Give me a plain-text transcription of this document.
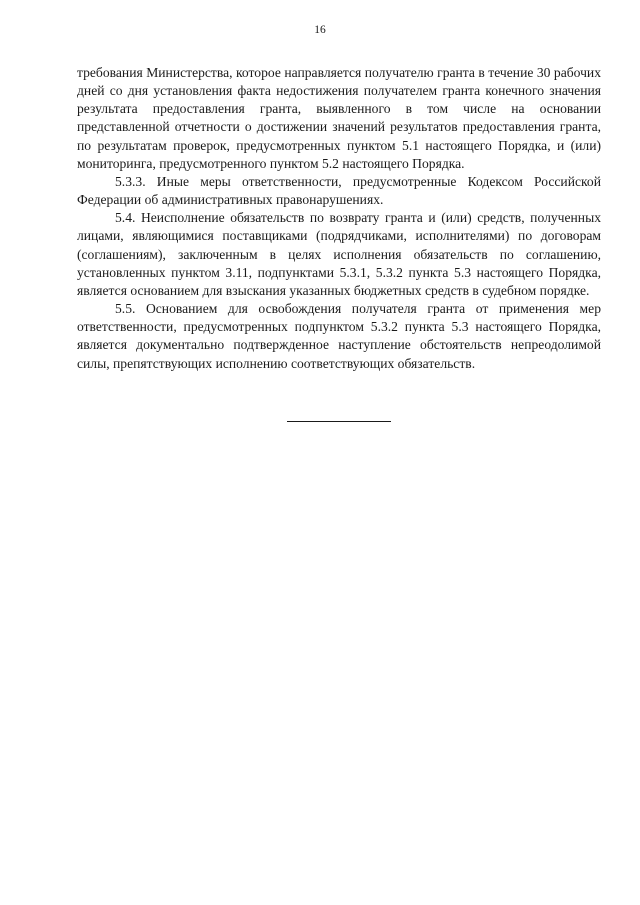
16

требования Министерства, которое направляется получателю гранта в течение 30 рабочих дней со дня установления факта недостижения получателем гранта конечного значения результата предоставления гранта, выявленного в том числе на основании представленной отчетности о достижении значений результатов предоставления гранта, по результатам проверок, предусмотренных пунктом 5.1 настоящего Порядка, и (или) мониторинга, предусмотренного пунктом 5.2 настоящего Порядка.

5.3.3. Иные меры ответственности, предусмотренные Кодексом Российской Федерации об административных правонарушениях.

5.4. Неисполнение обязательств по возврату гранта и (или) средств, полученных лицами, являющимися поставщиками (подрядчиками, исполнителями) по договорам (соглашениям), заключенным в целях исполнения обязательств по соглашению, установленных пунктом 3.11, подпунктами 5.3.1, 5.3.2 пункта 5.3 настоящего Порядка, является основанием для взыскания указанных бюджетных средств в судебном порядке.

5.5. Основанием для освобождения получателя гранта от применения мер ответственности, предусмотренных подпунктом 5.3.2 пункта 5.3 настоящего Порядка, является документально подтвержденное наступление обстоятельств непреодолимой силы, препятствующих исполнению соответствующих обязательств.
